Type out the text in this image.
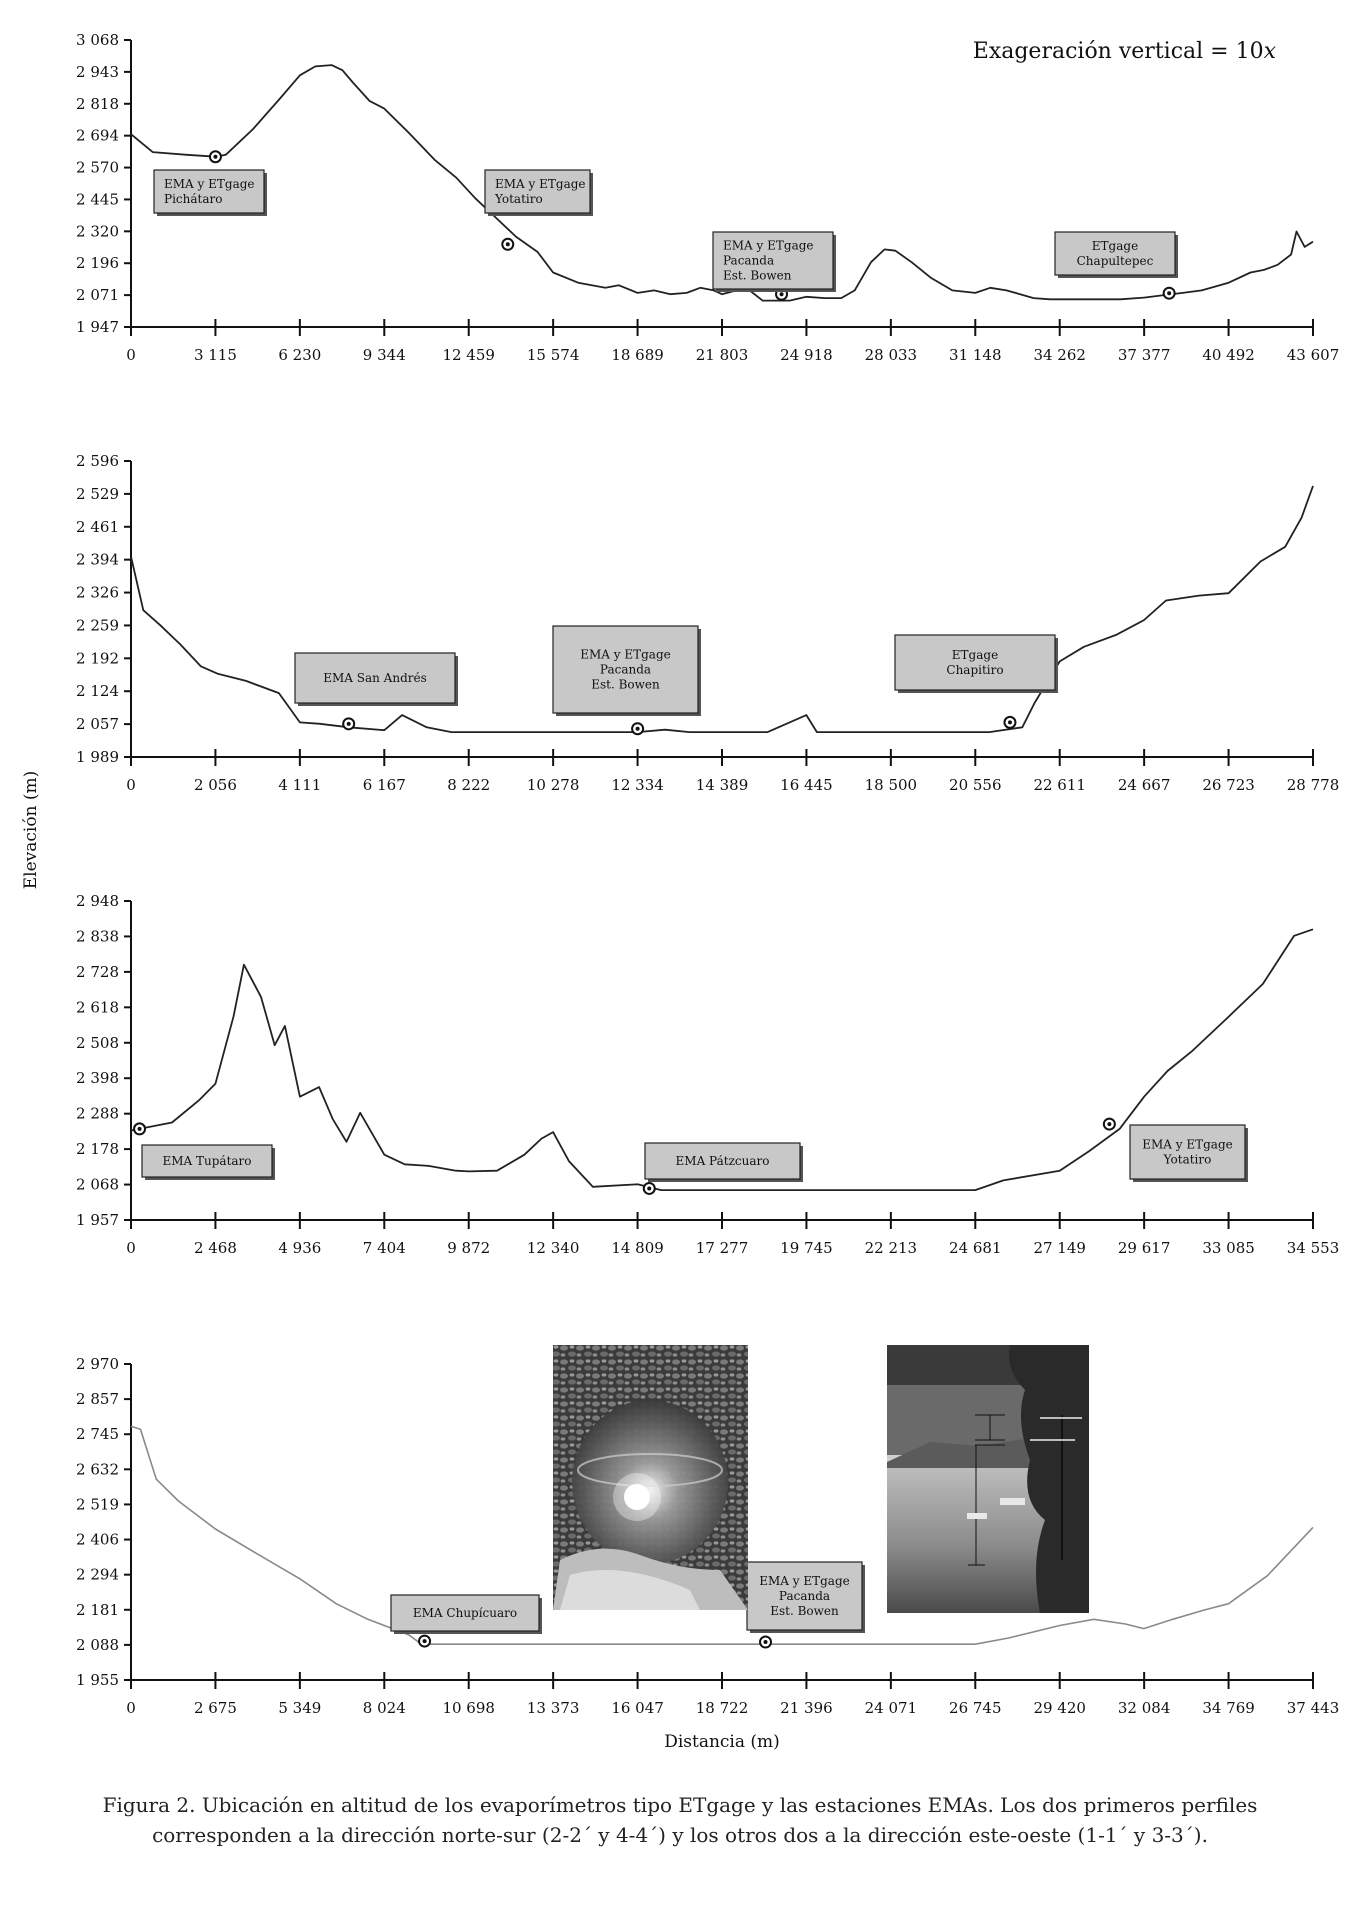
1 947
2 071
2 196
2 320
2 445
2 570
2 694
2 818
2 943
3 068
0	3 115	6 230	9 344 12 459 15 574 18 689 21 803 24 918 28 033 31 148 34 262 37 377 40 492 43 607
EMA y ETgage
Pichátaro
EMA y ETgage
Yotatiro
EMA y ETgage
Pacanda
Est. Bowen
ETgage
Chapultepec
1 989
2 057
2 124
2 192
2 259
2 326
2 394
2 461
2 529
2 596
0	2 056	4 111	6 167	8 222 10 278 12 334 14 389 16 445 18 500 20 556 22 611 24 667 26 723 28 778
EMA San Andrés
EMA y ETgage
Pacanda
Est. Bowen
ETgage
Chapitiro
1 957
2 068
2 178
2 288
2 398
2 508
2 618
2 728
2 838
2 948
0	2 468	4 936	7 404	9 872 12 340 14 809 17 277 19 745 22 213 24 681 27 149 29 617 33 085 34 553
EMA Tupátaro	EMA Pátzcuaro
EMA y ETgage
Yotatiro
1 955
2 088
2 181
2 294
2 406
2 519
2 632
2 745
2 857
2 970
0	2 675	5 349	8 024 10 698 13 373 16 047 18 722 21 396 24 071 26 745 29 420 32 084 34 769 37 443
EMA Chupícuaro
EMA y ETgage
Pacanda
Est. Bowen
Exageración vertical = 10x
Elevación (m)
Distancia (m)
Figura 2. Ubicación en altitud de los evaporímetros tipo ETgage y las estaciones EMAs. Los dos primeros perfiles
corresponden a la dirección norte-sur (2-2´ y 4-4´) y los otros dos a la dirección este-oeste (1-1´ y 3-3´).
